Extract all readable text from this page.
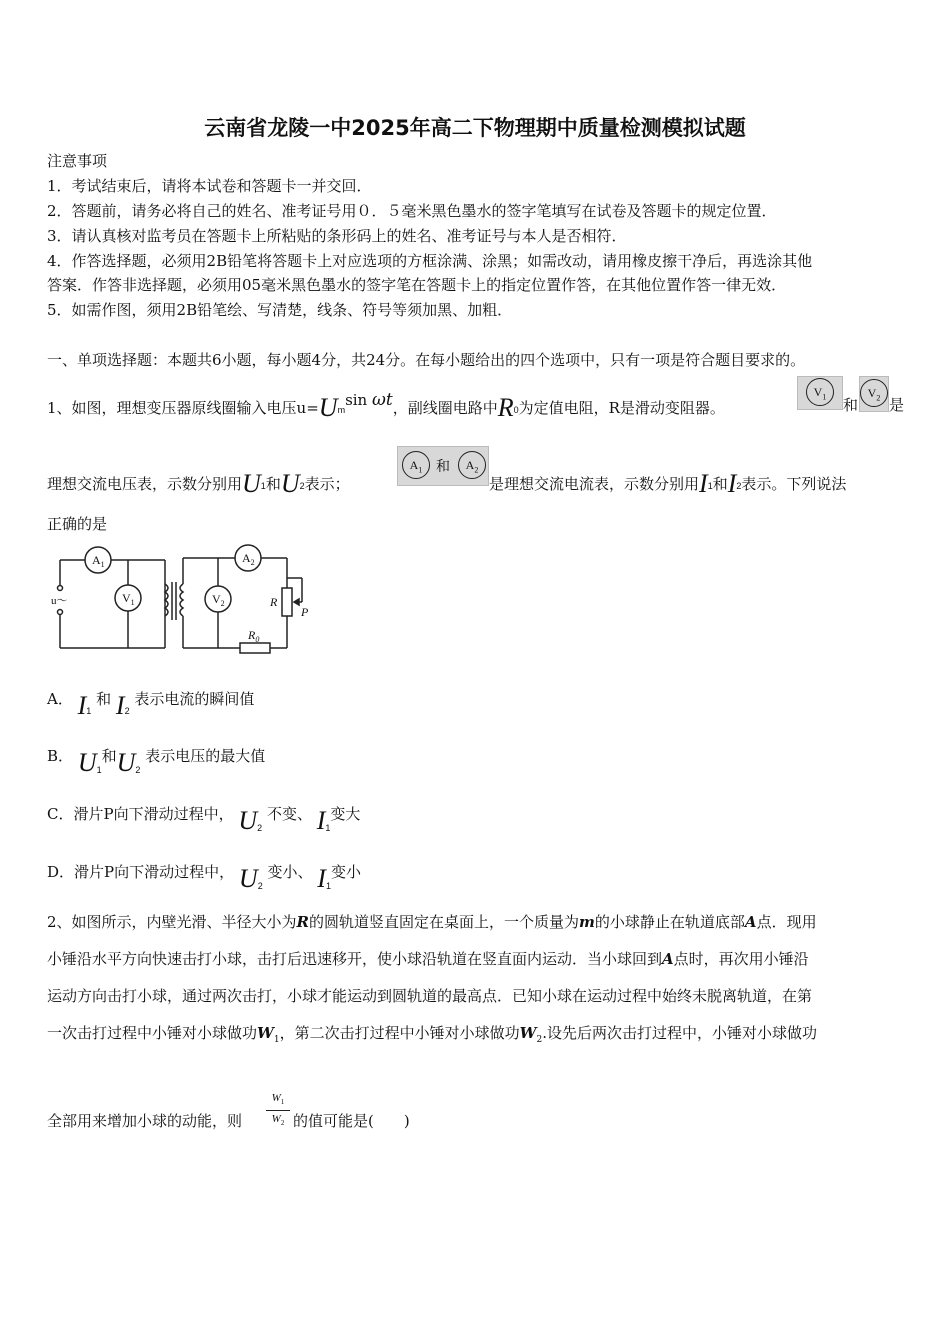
云南省龙陵一中2025年高二下物理期中质量检测模拟试题
注意事项
1．考试结束后，请将本试卷和答题卡一并交回．
2．答题前，请务必将自己的姓名、准考证号用０．５毫米黑色墨水的签字笔填写在试卷及答题卡的规定位置．
3．请认真核对监考员在答题卡上所粘贴的条形码上的姓名、准考证号与本人是否相符．
4．作答选择题，必须用2B铅笔将答题卡上对应选项的方框涂满、涂黑；如需改动，请用橡皮擦干净后，再选涂其他
答案．作答非选择题，必须用05毫米黑色墨水的签字笔在答题卡上的指定位置作答，在其他位置作答一律无效．
5．如需作图，须用2B铅笔绘、写清楚，线条、符号等须加黑、加粗．
一、单项选择题：本题共6小题，每小题4分，共24分。在每小题给出的四个选项中，只有一项是符合题目要求的。
1、如图，理想变压器原线圈输入电压u=Umsin ωt，副线圈电路中R0为定值电阻，R是滑动变阻器。
$V_1$	和
$V_2$ 是
理想交流电压表，示数分别用U1和U2表示；
$A_1$ 和	$A_2$
是理想交流电流表，示数分别用I1和I2表示。下列说法
正确的是
$A_1$
$V_1$
$A_2$
$V_2$
u～	R
P
$R_0$
A． $I_1$ 和 $I_2$ 表示电流的瞬间值
B． $U_1$和$U_2$ 表示电压的最大值
C．滑片P向下滑动过程中， $U_2$ 不变、 $I_1$变大
D．滑片P向下滑动过程中， $U_2$ 变小、 $I_1$变小
2、如图所示，内壁光滑、半径大小为R的圆轨道竖直固定在桌面上，一个质量为m的小球静止在轨道底部A点．现用
小锤沿水平方向快速击打小球，击打后迅速移开，使小球沿轨道在竖直面内运动．当小球回到A点时，再次用小锤沿
运动方向击打小球，通过两次击打，小球才能运动到圆轨道的最高点．已知小球在运动过程中始终未脱离轨道，在第
一次击打过程中小锤对小球做功$W_1$，第二次击打过程中小锤对小球做功$W_2$.设先后两次击打过程中，小锤对小球做功
全部用来增加小球的动能，则
$W_1$
$W_2$ 的值可能是(　　)
